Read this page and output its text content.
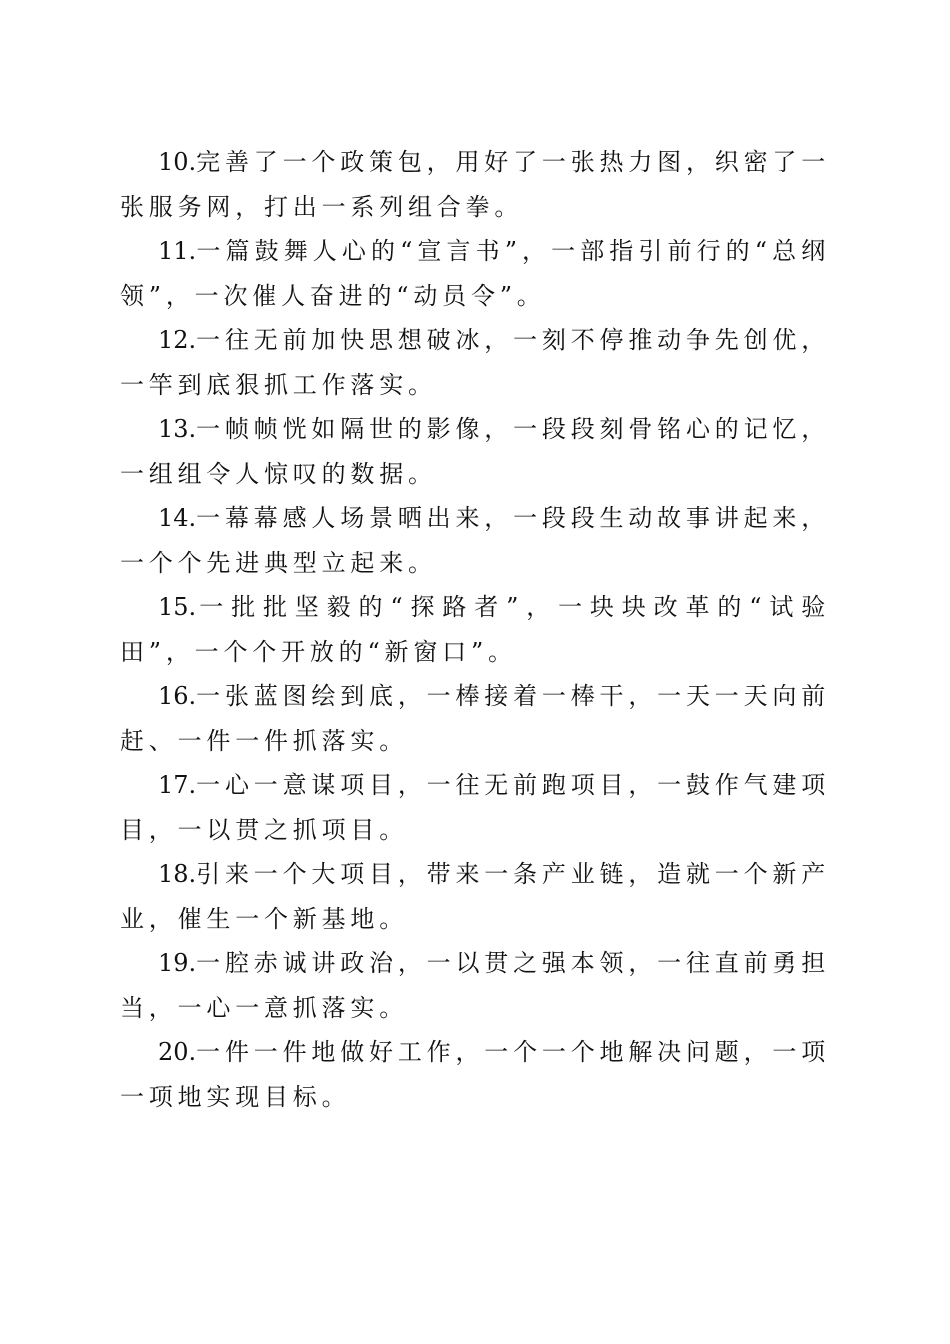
10.完善了一个政策包，用好了一张热力图，织密了一张服务网，打出一系列组合拳。

11.一篇鼓舞人心的“宣言书”，一部指引前行的“总纲领”，一次催人奋进的“动员令”。

12.一往无前加快思想破冰，一刻不停推动争先创优，一竿到底狠抓工作落实。

13.一帧帧恍如隔世的影像，一段段刻骨铭心的记忆，一组组令人惊叹的数据。

14.一幕幕感人场景晒出来，一段段生动故事讲起来，一个个先进典型立起来。

15.一批批坚毅的“探路者”，一块块改革的“试验田”，一个个开放的“新窗口”。

16.一张蓝图绘到底，一棒接着一棒干，一天一天向前赶、一件一件抓落实。

17.一心一意谋项目，一往无前跑项目，一鼓作气建项目，一以贯之抓项目。

18.引来一个大项目，带来一条产业链，造就一个新产业，催生一个新基地。

19.一腔赤诚讲政治，一以贯之强本领，一往直前勇担当，一心一意抓落实。

20.一件一件地做好工作，一个一个地解决问题，一项一项地实现目标。
